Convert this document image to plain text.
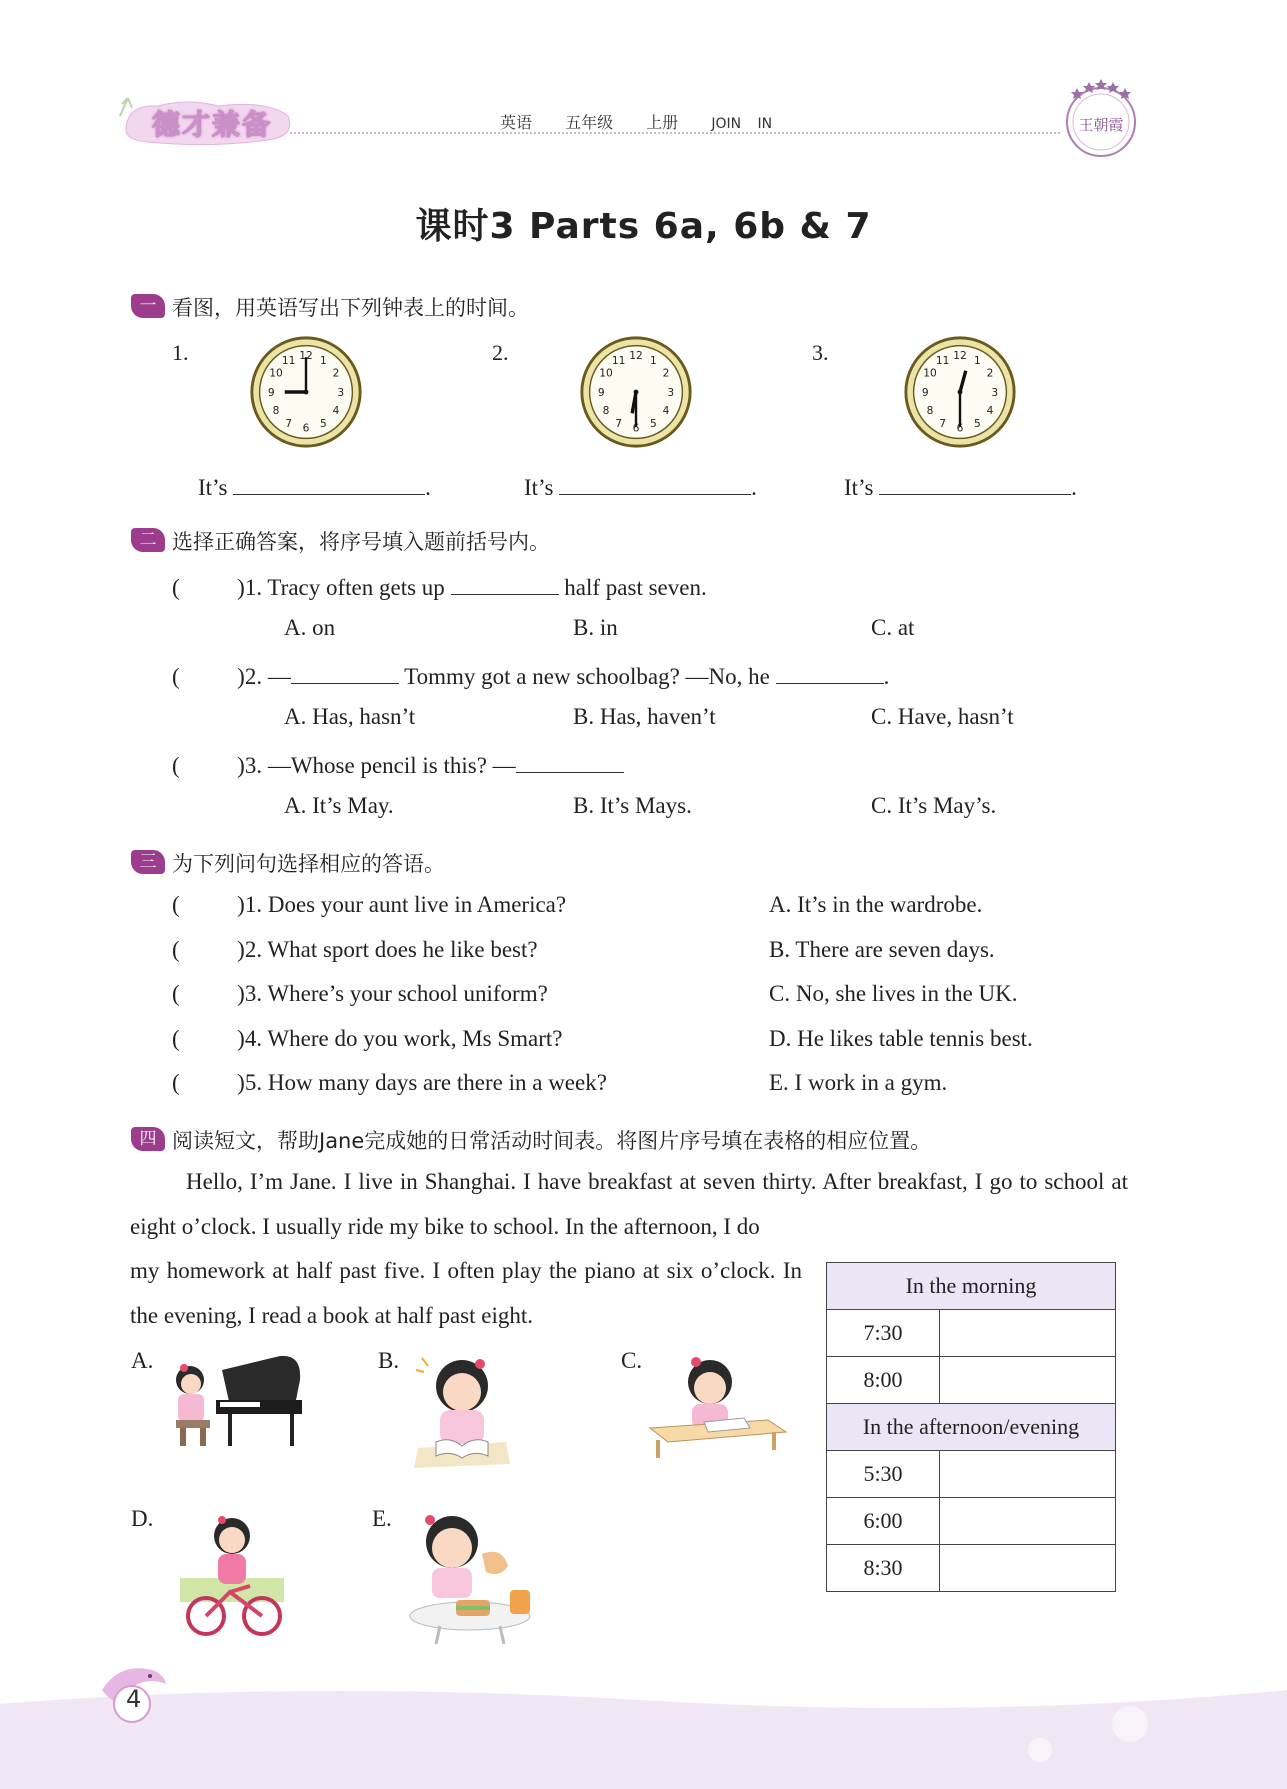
德才兼备	英语 五年级 上册 JOIN IN	王朝霞
课时3 Parts 6a, 6b & 7
一 看图，用英语写出下列钟表上的时间。
1.	2.	3.
12 1
2
3
4
5
6
7
8
9
10
11	12 1
2
3
4
5
6
7
8
9
10
11	12 1
2
3
4
5
6
7
8
9
10
11
It’s	.	It’s	.	It’s	.
二 选择正确答案，将序号填入题前括号内。
(          )1. Tracy often gets up	half past seven.
A. on	B. in	C. at
(          )2. —	Tommy got a new schoolbag? —No, he	.
A. Has, hasn’t	B. Has, haven’t	C. Have, hasn’t
(          )3. —Whose pencil is this? —
A. It’s May.	B. It’s Mays.	C. It’s May’s.
三 为下列问句选择相应的答语。
(          )1. Does your aunt live in America?
(          )2. What sport does he like best?
(          )3. Where’s your school uniform?
(          )4. Where do you work, Ms Smart?
(          )5. How many days are there in a week?
A. It’s in the wardrobe.
B. There are seven days.
C. No, she lives in the UK.
D. He likes table tennis best.
E. I work in a gym.
四 阅读短文，帮助Jane完成她的日常活动时间表。将图片序号填在表格的相应位置。
Hello, I’m Jane. I live in Shanghai. I have breakfast at seven thirty. After breakfast, I go to school at eight o’clock. I usually ride my bike to school. In the afternoon, I do
my homework at half past five. I often play the piano at six o’clock. In the evening, I read a book at half past eight.
In the morning	
7:30	
8:00	
In the afternoon/evening	
5:30	
6:00	
8:30	
A.	B.	C.
D.	E.
4
